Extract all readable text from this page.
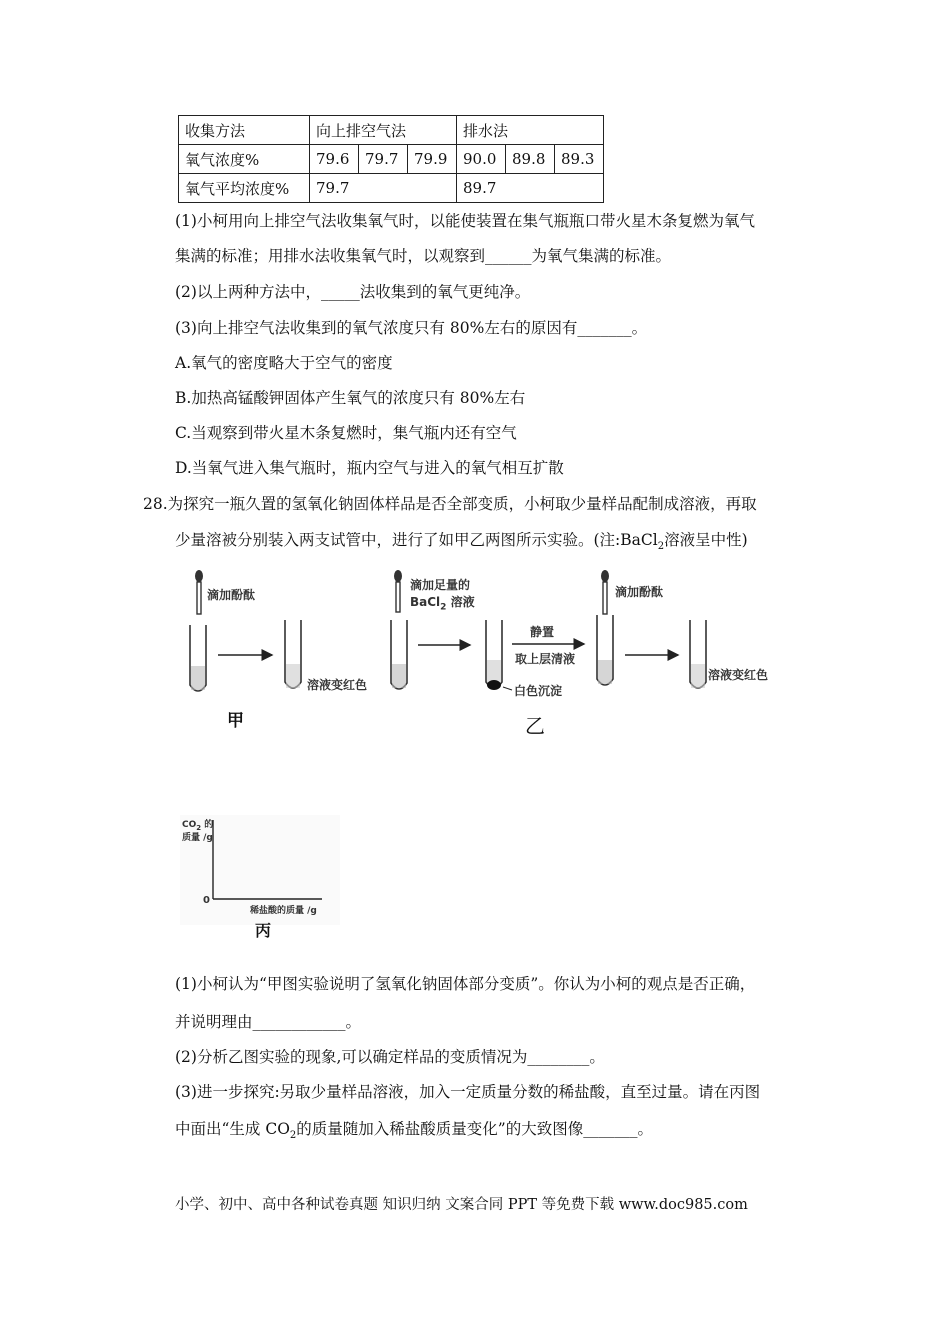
收集方法	向上排空气法			排水法		
氧气浓度%	79.6	79.7	79.9	90.0	89.8	89.3
氧气平均浓度%	79.7			89.7		
(1)小柯用向上排空气法收集氧气时，以能使装置在集气瓶瓶口带火星木条复燃为氧气
集满的标准；用排水法收集氧气时，以观察到______为氧气集满的标准。
(2)以上两种方法中，_____法收集到的氧气更纯净。
(3)向上排空气法收集到的氧气浓度只有 80%左右的原因有_______。
A.氧气的密度略大于空气的密度
B.加热高锰酸钾固体产生氧气的浓度只有 80%左右
C.当观察到带火星木条复燃时，集气瓶内还有空气
D.当氧气进入集气瓶时，瓶内空气与进入的氧气相互扩散
28.为探究一瓶久置的氢氧化钠固体样品是否全部变质，小柯取少量样品配制成溶液，再取
少量溶被分别装入两支试管中，进行了如甲乙两图所示实验。(注:BaCl$_2$溶液呈中性)
滴加酚酞
溶液变红色
甲
滴加足量的
BaCl$_2$ 溶液
静置
取上层清液
白色沉淀
滴加酚酞
溶液变红色
乙
$CO_2$ 的
质量 /g
0
稀盐酸的质量 /g
丙
(1)小柯认为“甲图实验说明了氢氧化钠固体部分变质”。你认为小柯的观点是否正确，
并说明理由____________。
(2)分析乙图实验的现象,可以确定样品的变质情况为________。
(3)进一步探究:另取少量样品溶液，加入一定质量分数的稀盐酸，直至过量。请在丙图
中面出“生成 $CO_2$的质量随加入稀盐酸质量变化”的大致图像_______。
小学、初中、高中各种试卷真题 知识归纳 文案合同 PPT 等免费下载 www.doc985.com
